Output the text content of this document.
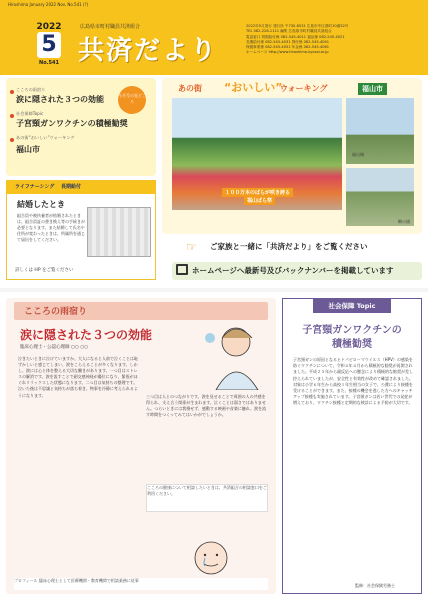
Hiroshima January 2022 Nov. No.541 (?)
2022
5
No.541
広島県市町村職員共済組合
共済だより
2022年5月発行 発行所 〒730-8531 広島市中区基町10番52号
TEL 082-228-1111 編集 広島県市町村職員共済組合
電話窓口 短期給付係 082-545-4011 福祉係 082-545-4021
長期給付係 082-545-4031 貸付係 082-545-4041
保健事業係 082-545-4051 年金係 082-545-4061
ホームページ http://www.hiroshima-kyosai.or.jp
こころの雨宿り
涙に隠された３つの効能
社会保障Topic
子宮頸ガンワクチンの積極勧奨
あの街“おいしい”ウォーキング
福山市
今月号の見どころ
ライフナーシング 長期給付
結婚したとき
組合員や被扶養者が結婚されたときは、組合員証の書き換え等の手続きが必要となります。また結婚して氏名や住所が変わったときは、所属所を通じて届出をしてください。
詳しくは HP をご覧ください
あの街 “おいしい”
ウォーキング	福山市
１００万本のばらが咲き誇る
福山ばら祭
福山城
鞆の浦
☞ ご家族と一緒に「共済だより」をご覧ください
ホームページへ最新号及びバックナンバーを掲載しています
こころの雨宿り
涙に隠された３つの効能
臨床心理士・公認心理師 ○○ ○○
泣きたいときに泣けていますか。大人になると人前で泣くことは恥ずかしいと感じてしまい、涙をこらえることが多くなります。しかし、涙には心と体を整える大切な働きがあります。一つ目はストレスの解消です。涙を流すことで副交感神経が優位になり、緊張がほぐれリラックスした状態になります。二つ目は気持ちの整理です。泣いた後は不思議と気持ちが落ち着き、物事を冷静に考えられるようになります。	三つ目は人とのつながりです。涙を見せることで周囲の人の共感を得られ、支え合う関係が生まれます。泣くことは弱さではありません。つらいときには我慢せず、感動する映画や音楽に触れ、涙を流す時間をつくってみてはいかがでしょうか。
こころの健康について相談したいときは、共済組合の相談窓口をご利用ください。
プロフィール 臨床心理士として医療機関・教育機関で相談業務に従事
社会保障 Topic
子宮頸ガンワクチンの
積極勧奨
子宮頸ガンの原因となるヒトパピローマウイルス（HPV）の感染を防ぐワクチンについて、令和４年４月から積極的な勧奨が再開されました。平成２５年から副反応への懸念により積極的な勧奨が差し控えられていましたが、安全性と有効性が改めて確認されました。対象は小学６年生から高校１年生相当の女子で、公費により接種を受けることができます。また、接種の機会を逃した方へのキャッチアップ接種も実施されています。子宮頸ガンは若い世代での発症が増えており、ワクチン接種と定期的な検診による予防が大切です。
監修：社会保険労務士
